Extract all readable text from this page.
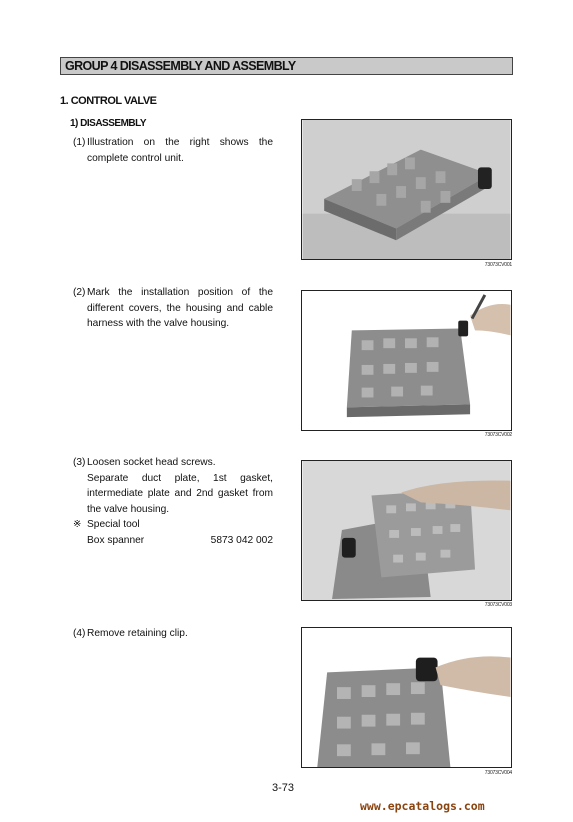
GROUP 4 DISASSEMBLY AND ASSEMBLY
1. CONTROL VALVE
1) DISASSEMBLY
(1) Illustration on the right shows the
complete control unit.
(2) Mark the installation position of the
different covers, the housing and cable
harness with the valve housing.
(3) Loosen socket head screws.
Separate duct plate, 1st gasket,
intermediate plate and 2nd gasket from
the valve housing.
※ Special tool
Box spanner	5873 042 002
(4) Remove retaining clip.
73073CV001
73073CV002
73073CV003
73073CV004
3-73
www.epcatalogs.com
